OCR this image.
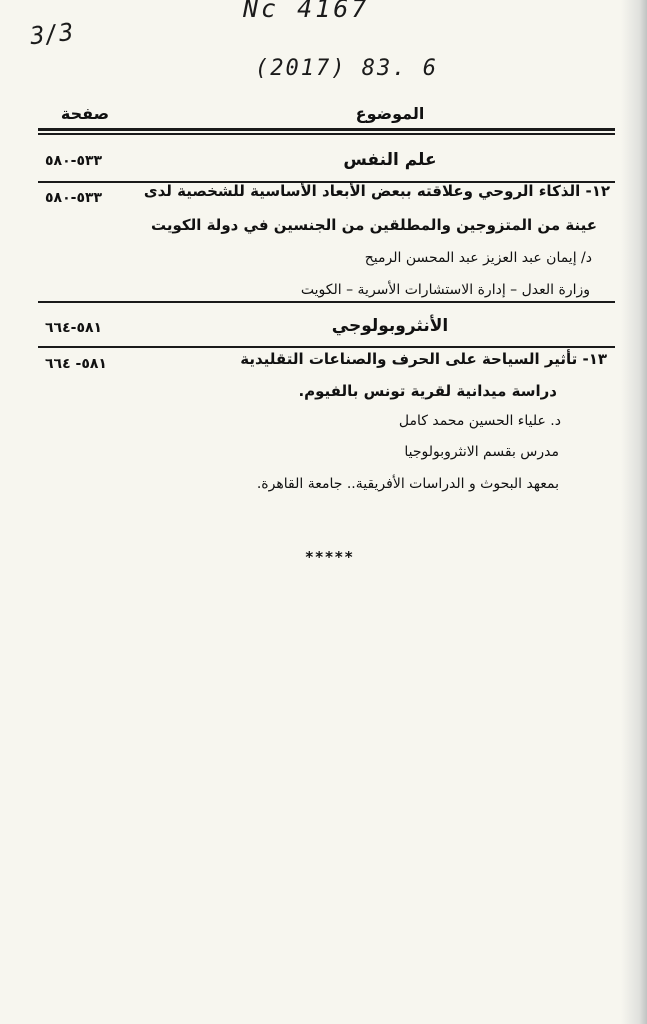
3/3
Nc 4167
(2017) 83. 6
الموضوع
صفحة
علم النفس
٥٣٣-٥٨٠
٥٣٣-٥٨٠	١٢- الذكاء الروحي وعلاقته ببعض الأبعاد الأساسية للشخصية لدى
عينة من المتزوجين والمطلقين من الجنسين في دولة الكويت
د/ إيمان عبد العزيز عبد المحسن الرميح
وزارة العدل – إدارة الاستشارات الأسرية – الكويت
الأنثروبولوجي
٥٨١-٦٦٤
٥٨١- ٦٦٤	١٣- تأثير السياحة على الحرف والصناعات التقليدية
دراسة ميدانية لقرية تونس بالفيوم.
د. علياء الحسين محمد كامل
مدرس بقسم الانثروبولوجيا
بمعهد البحوث و الدراسات الأفريقية.. جامعة القاهرة.
*****
